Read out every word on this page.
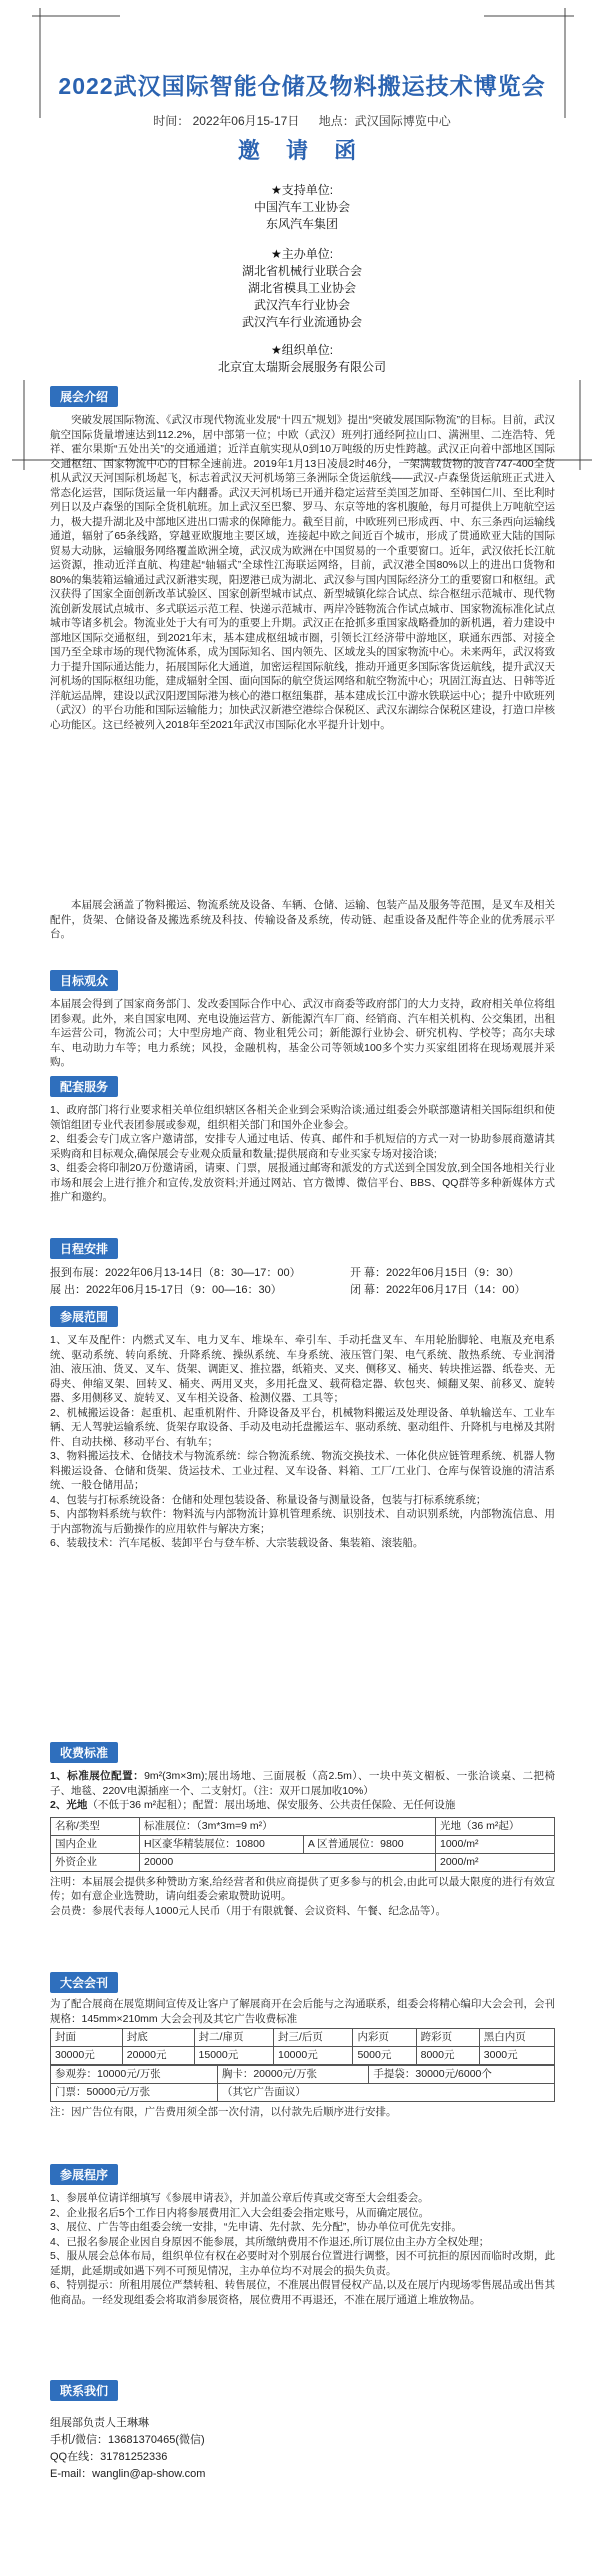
2022武汉国际智能仓储及物料搬运技术博览会
时间： 2022年06月15-17日 地点：武汉国际博览中心
邀 请 函
★支持单位:
中国汽车工业协会
东风汽车集团
★主办单位:
湖北省机械行业联合会
湖北省模具工业协会
武汉汽车行业协会
武汉汽车行业流通协会
★组织单位:
北京宜太瑞斯会展服务有限公司
展会介绍

突破发展国际物流、《武汉市现代物流业发展“十四五”规划》提出“突破发展国际物流”的目标。目前，武汉航空国际货量增速达到112.2%，居中部第一位；中欧（武汉）班列打通经阿拉山口、满洲里、二连浩特、凭祥、霍尔果斯“五处出关”的交通通道；近洋直航实现从0到10万吨级的历史性跨越。武汉正向着中部地区国际交通枢纽、国家物流中心的目标全速前进。2019年1月13日凌晨2时46分，一架满载货物的波音747-400全货机从武汉天河国际机场起飞，标志着武汉天河机场第三条洲际全货运航线——武汉-卢森堡货运航班正式进入常态化运营，国际货运量一年内翻番。武汉天河机场已开通并稳定运营至美国芝加哥、至韩国仁川、至比利时列日以及卢森堡的国际全货机航班。加上武汉至巴黎、罗马、东京等地的客机腹舱，每月可提供上万吨航空运力，极大提升湖北及中部地区进出口需求的保障能力。截至目前，中欧班列已形成西、中、东三条西向运输线通道，辐射了65条线路，穿越亚欧腹地主要区域，连接起中欧之间近百个城市，形成了贯通欧亚大陆的国际贸易大动脉，运输服务网络覆盖欧洲全境，武汉成为欧洲在中国贸易的一个重要窗口。近年，武汉依托长江航运资源，推动近洋直航、构建起“轴辐式”全球性江海联运网络，目前，武汉港全国80%以上的进出口货物和80%的集装箱运输通过武汉新港实现，阳逻港已成为湖北、武汉参与国内国际经济分工的重要窗口和枢纽。武汉获得了国家全面创新改革试验区、国家创新型城市试点、新型城镇化综合试点、综合枢纽示范城市、现代物流创新发展试点城市、多式联运示范工程、快递示范城市、两岸冷链物流合作试点城市、国家物流标准化试点城市等诸多机会。物流业处于大有可为的重要上升期。武汉正在抢抓多重国家战略叠加的新机遇，着力建设中部地区国际交通枢纽，到2021年末，基本建成枢纽城市圈，引领长江经济带中游地区，联通东西部、对接全国乃至全球市场的现代物流体系，成为国际知名、国内领先、区域龙头的国家物流中心。未来两年，武汉将致力于提升国际通达能力，拓展国际化大通道，加密运程国际航线，推动开通更多国际客货运航线，提升武汉天河机场的国际枢纽功能，建成辐射全国、面向国际的航空货运网络和航空物流中心；巩固江海直达、日韩等近洋航运品牌，建设以武汉阳逻国际港为核心的港口枢纽集群，基本建成长江中游水铁联运中心；提升中欧班列（武汉）的平台功能和国际运输能力；加快武汉新港空港综合保税区、武汉东湖综合保税区建设，打造口岸核心功能区。这已经被列入2018年至2021年武汉市国际化水平提升计划中。

本届展会涵盖了物料搬运、物流系统及设备、车辆、仓储、运输、包装产品及服务等范围，是叉车及相关配件，货架、仓储设备及搬选系统及科技、传输设备及系统，传动链、起重设备及配件等企业的优秀展示平台。

目标观众
本届展会得到了国家商务部门、发改委国际合作中心、武汉市商委等政府部门的大力支持，政府相关单位将组团参观。此外，来自国家电网、充电设施运营方、新能源汽车厂商、经销商、汽车相关机构、公交集团，出租车运营公司，物流公司；大中型房地产商、物业租凭公司；新能源行业协会、研究机构、学校等；高尔夫球车、电动助力车等；电力系统；风投，金融机构，基金公司等领域100多个实力买家组团将在现场观展并采购。
配套服务

1、政府部门将行业要求相关单位组织辖区各相关企业到会采购洽谈;通过组委会外联部邀请相关国际组织和使领馆组团专业代表团参展或参观，组织相关部门和国外企业参会。

2、组委会专门成立客户邀请部，安排专人通过电话、传真、邮件和手机短信的方式一对一协助参展商邀请其采购商和目标观众,确保展会专业观众质量和数量;提供展商和专业买家专场对接洽谈;

3、组委会将印制20万份邀请函，请柬、门票，展报通过邮寄和派发的方式送到全国发放,到全国各地相关行业市场和展会上进行推介和宣传,发放资料;并通过网站、官方微博、微信平台、BBS、QQ群等多种新媒体方式推广和邀约。

日程安排
报到布展：2022年06月13-14日（8：30—17：00）	开 幕：2022年06月15日（9：30）
展 出：2022年06月15-17日（9：00—16：30）	闭 幕：2022年06月17日（14：00）
参展范围

1、叉车及配件：内燃式叉车、电力叉车、堆垛车、牵引车、手动托盘叉车、车用轮胎脚轮、电瓶及充电系统、驱动系统、转向系统、升降系统、操纵系统、车身系统、液压管门架、电气系统、散热系统、专业润滑油、液压油、货叉、叉车、货架、调距叉、推拉器，纸箱夹、叉夹、侧移叉、桶夹、转块推运器、纸卷夹、无碍夹、伸缩叉架、回转叉、桶夹、两用叉夹，多用托盘叉、载荷稳定器、软包夹、倾翻叉架、前移叉、旋转器、多用侧移叉、旋转叉、叉车相关设备、检测仪器、工具等；

2、机械搬运设备：起重机、起重机附件、升降设备及平台，机械物料搬运及处理设备、单轨输送车、工业车辆、无人驾驶运输系统、货架存取设备、手动及电动托盘搬运车、驱动系统、驱动组件、升降机与电梯及其附件、自动扶梯、移动平台、有轨车；

3、物料搬运技术、仓储技术与物流系统：综合物流系统、物流交换技术、一体化供应链管理系统、机器人物料搬运设备、仓储和货架、货运技术、工业过程、叉车设备、料箱、工厂/工业门、仓库与保管设施的清洁系统、一般仓储用品；

4、包装与打标系统设备：仓储和处理包装设备、称量设备与测量设备，包装与打标系统系统；

5、内部物料系统与软件：物料流与内部物流计算机管理系统、识别技术、自动识别系统，内部物流信息、用于内部物流与后勤操作的应用软件与解决方案；

6、装载技术：汽车尾板、装卸平台与登车桥、大宗装载设备、集装箱、滚装船。

收费标准

1、标准展位配置：9m²(3m×3m);展出场地、三面展板（高2.5m）、一块中英文楣板、一张洽谈桌、二把椅子、地毯、220V电源插座一个、二支射灯。（注：双开口展加收10%）

2、光地（不低于36 m²起租）；配置：展出场地、保安服务、公共责任保险、无任何设施

名称/类型	标准展位：（3m*3m=9 m²）		光地（36 m²起）
国内企业	H区豪华精装展位：10800	A 区普通展位：9800	1000/m²
外资企业	20000		2000/m²

注明：本届展会提供多种赞助方案,给经营者和供应商提供了更多参与的机会,由此可以最大限度的进行有效宣传；如有意企业选赞助，请向组委会索取赞助说明。

会员费：参展代表每人1000元人民币（用于有限就餐、会议资料、午餐、纪念品等）。

大会会刊
为了配合展商在展览期间宣传及让客户了解展商开在会后能与之沟通联系，组委会将精心编印大会会刊，会刊规格：145mm×210mm 大会会刊及其它广告收费标准
封面	封底	封二/扉页	封三/后页	内彩页	跨彩页	黑白内页
30000元	20000元	15000元	10000元	5000元	8000元	3000元
参观券：10000元/万张	胸卡：20000元/万张	手提袋：30000元/6000个
门票：50000元/万张	（其它广告面议）	
注：因广告位有限，广告费用须全部一次付清，以付款先后顺序进行安排。
参展程序

1、参展单位请详细填写《参展申请表》，并加盖公章后传真或交寄至大会组委会。

2、企业报名后5个工作日内将参展费用汇入大会组委会指定账号，从而确定展位。

3、展位、广告等由组委会统一安排，“先申请、先付款、先分配”，协办单位可优先安排。

4、已报名参展企业因自身原因不能参展，其所缴纳费用不作退还,所订展位由主办方全权处理；

5、服从展会总体布局，组织单位有权在必要时对个别展台位置进行调整，因不可抗拒的原因而临时改期，此延期，此延期或如遇下列不可预见情况，主办单位均不对展会的损失负责。

6、特别提示：所租用展位严禁转租、转售展位，不准展出假冒侵权产品,以及在展厅内现场零售展品或出售其他商品。一经发现组委会将取消参展资格，展位费用不再退还，不准在展厅通道上堆放物品。

联系我们
组展部负责人王琳琳
手机/微信：13681370465(微信)
QQ在线：31781252336
E-mail：wanglin@ap-show.com
